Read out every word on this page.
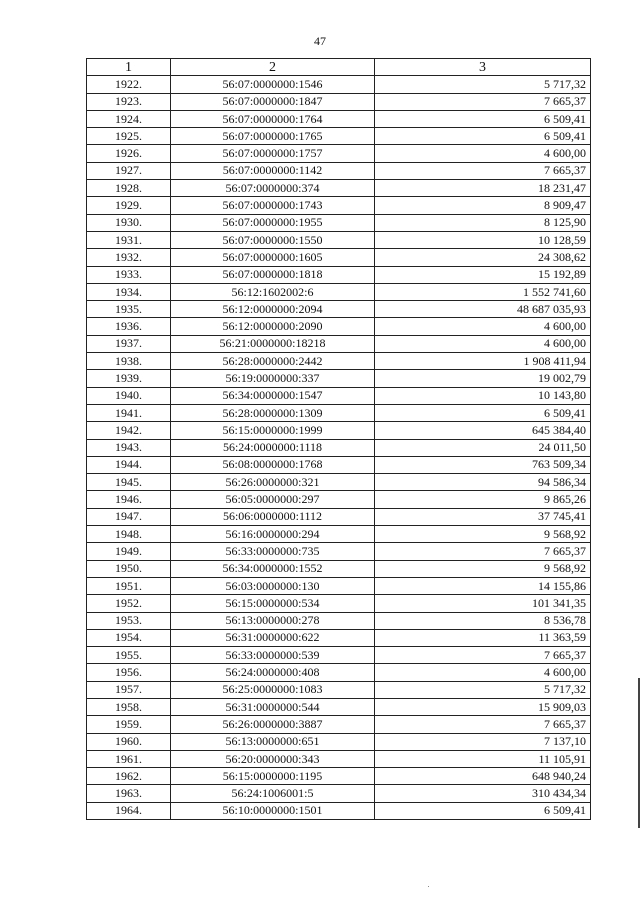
47
1	2	3
1922.	56:07:0000000:1546	5 717,32
1923.	56:07:0000000:1847	7 665,37
1924.	56:07:0000000:1764	6 509,41
1925.	56:07:0000000:1765	6 509,41
1926.	56:07:0000000:1757	4 600,00
1927.	56:07:0000000:1142	7 665,37
1928.	56:07:0000000:374	18 231,47
1929.	56:07:0000000:1743	8 909,47
1930.	56:07:0000000:1955	8 125,90
1931.	56:07:0000000:1550	10 128,59
1932.	56:07:0000000:1605	24 308,62
1933.	56:07:0000000:1818	15 192,89
1934.	56:12:1602002:6	1 552 741,60
1935.	56:12:0000000:2094	48 687 035,93
1936.	56:12:0000000:2090	4 600,00
1937.	56:21:0000000:18218	4 600,00
1938.	56:28:0000000:2442	1 908 411,94
1939.	56:19:0000000:337	19 002,79
1940.	56:34:0000000:1547	10 143,80
1941.	56:28:0000000:1309	6 509,41
1942.	56:15:0000000:1999	645 384,40
1943.	56:24:0000000:1118	24 011,50
1944.	56:08:0000000:1768	763 509,34
1945.	56:26:0000000:321	94 586,34
1946.	56:05:0000000:297	9 865,26
1947.	56:06:0000000:1112	37 745,41
1948.	56:16:0000000:294	9 568,92
1949.	56:33:0000000:735	7 665,37
1950.	56:34:0000000:1552	9 568,92
1951.	56:03:0000000:130	14 155,86
1952.	56:15:0000000:534	101 341,35
1953.	56:13:0000000:278	8 536,78
1954.	56:31:0000000:622	11 363,59
1955.	56:33:0000000:539	7 665,37
1956.	56:24:0000000:408	4 600,00
1957.	56:25:0000000:1083	5 717,32
1958.	56:31:0000000:544	15 909,03
1959.	56:26:0000000:3887	7 665,37
1960.	56:13:0000000:651	7 137,10
1961.	56:20:0000000:343	11 105,91
1962.	56:15:0000000:1195	648 940,24
1963.	56:24:1006001:5	310 434,34
1964.	56:10:0000000:1501	6 509,41
